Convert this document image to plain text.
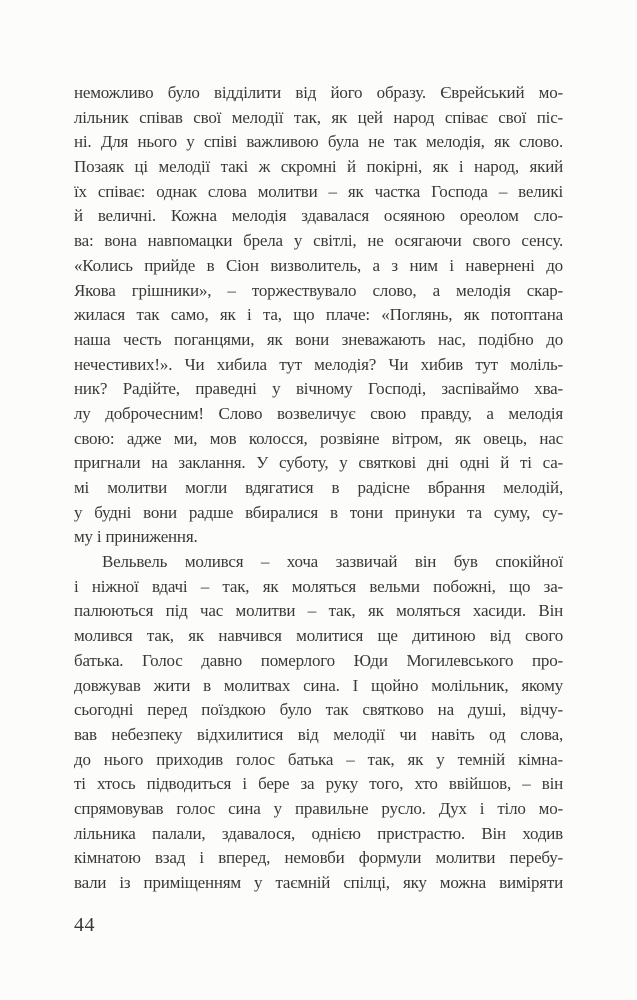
неможливо було відділити від його образу. Єврейський мо-
лільник співав свої мелодії так, як цей народ співає свої піс-
ні. Для нього у співі важливою була не так мелодія, як слово.
Позаяк ці мелодії такі ж скромні й покірні, як і народ, який
їх співає: однак слова молитви – як частка Господа – великі
й величні. Кожна мелодія здавалася осяяною ореолом сло-
ва: вона навпомацки брела у світлі, не осягаючи свого сенсу.
«Колись прийде в Сіон визволитель, а з ним і навернені до
Якова грішники», – торжествувало слово, а мелодія скар-
жилася так само, як і та, що плаче: «Поглянь, як потоптана
наша честь поганцями, як вони зневажають нас, подібно до
нечестивих!». Чи хибила тут мелодія? Чи хибив тут моліль-
ник? Радійте, праведні у вічному Господі, заспіваймо хва-
лу доброчесним! Слово возвеличує свою правду, а мелодія
свою: адже ми, мов колосся, розвіяне вітром, як овець, нас
пригнали на заклання. У суботу, у святкові дні одні й ті са-
мі молитви могли вдягатися в радісне вбрання мелодій,
у будні вони радше вбиралися в тони принуки та суму, су-
му і приниження.
Вельвель молився – хоча зазвичай він був спокійної
і ніжної вдачі – так, як моляться вельми побожні, що за-
палюються під час молитви – так, як моляться хасиди. Він
молився так, як навчився молитися ще дитиною від свого
батька. Голос давно померлого Юди Могилевського про-
довжував жити в молитвах сина. І щойно молільник, якому
сьогодні перед поїздкою було так святково на душі, відчу-
вав небезпеку відхилитися від мелодії чи навіть од слова,
до нього приходив голос батька – так, як у темній кімна-
ті хтось підводиться і бере за руку того, хто ввійшов, – він
спрямовував голос сина у правильне русло. Дух і тіло мо-
лільника палали, здавалося, однією пристрастю. Він ходив
кімнатою взад і вперед, немовби формули молитви перебу-
вали із приміщенням у таємній спілці, яку можна виміряти
44
